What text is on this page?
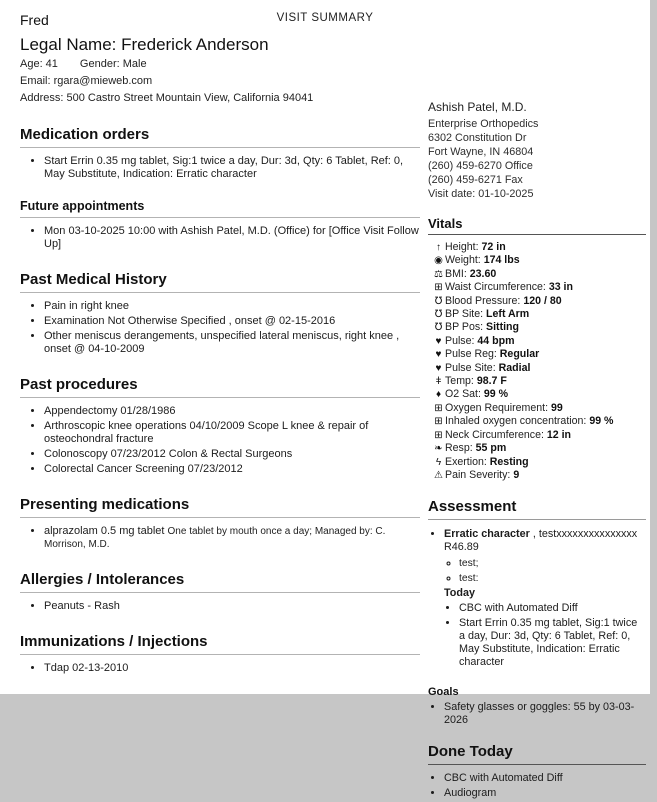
VISIT SUMMARY
Fred
Legal Name: Frederick Anderson
Age: 41 Gender: Male
Email: rgara@mieweb.com
Address: 500 Castro Street Mountain View, California 94041
Medication orders
• Start Errin 0.35 mg tablet, Sig:1 twice a day, Dur: 3d, Qty: 6 Tablet, Ref: 0, May Substitute, Indication: Erratic character
Future appointments
• Mon 03-10-2025 10:00 with Ashish Patel, M.D. (Office) for [Office Visit Follow Up]
Past Medical History
• Pain in right knee
• Examination Not Otherwise Specified , onset @ 02-15-2016
• Other meniscus derangements, unspecified lateral meniscus, right knee , onset @ 04-10-2009
Past procedures
• Appendectomy 01/28/1986
• Arthroscopic knee operations 04/10/2009 Scope L knee & repair of osteochondral fracture
• Colonoscopy 07/23/2012 Colon & Rectal Surgeons
• Colorectal Cancer Screening 07/23/2012
Presenting medications
• alprazolam 0.5 mg tablet One tablet by mouth once a day; Managed by: C. Morrison, M.D.
Allergies / Intolerances
• Peanuts - Rash
Immunizations / Injections
• Tdap 02-13-2010
Ashish Patel, M.D.
Enterprise Orthopedics
6302 Constitution Dr
Fort Wayne, IN 46804
(260) 459-6270 Office
(260) 459-6271 Fax
Visit date: 01-10-2025
Vitals
↑ Height: 72 in
◉ Weight: 174 lbs
⚖ BMI: 23.60
⊞ Waist Circumference: 33 in
℧ Blood Pressure: 120 / 80
℧ BP Site: Left Arm
℧ BP Pos: Sitting
♥ Pulse: 44 bpm
♥ Pulse Reg: Regular
♥ Pulse Site: Radial
ǂ Temp: 98.7 F
♦ O2 Sat: 99 %
⊞ Oxygen Requirement: 99
⊞ Inhaled oxygen concentration: 99 %
⊞ Neck Circumference: 12 in
❧ Resp: 55 pm
ϟ Exertion: Resting
⚠ Pain Severity: 9
Assessment
• Erratic character , testxxxxxxxxxxxxxxx R46.89
◦ test;
◦ test:
Today
• CBC with Automated Diff
• Start Errin 0.35 mg tablet, Sig:1 twice a day, Dur: 3d, Qty: 6 Tablet, Ref: 0, May Substitute, Indication: Erratic character
Goals
• Safety glasses or goggles: 55 by 03-03-2026
Done Today
• CBC with Automated Diff
• Audiogram
